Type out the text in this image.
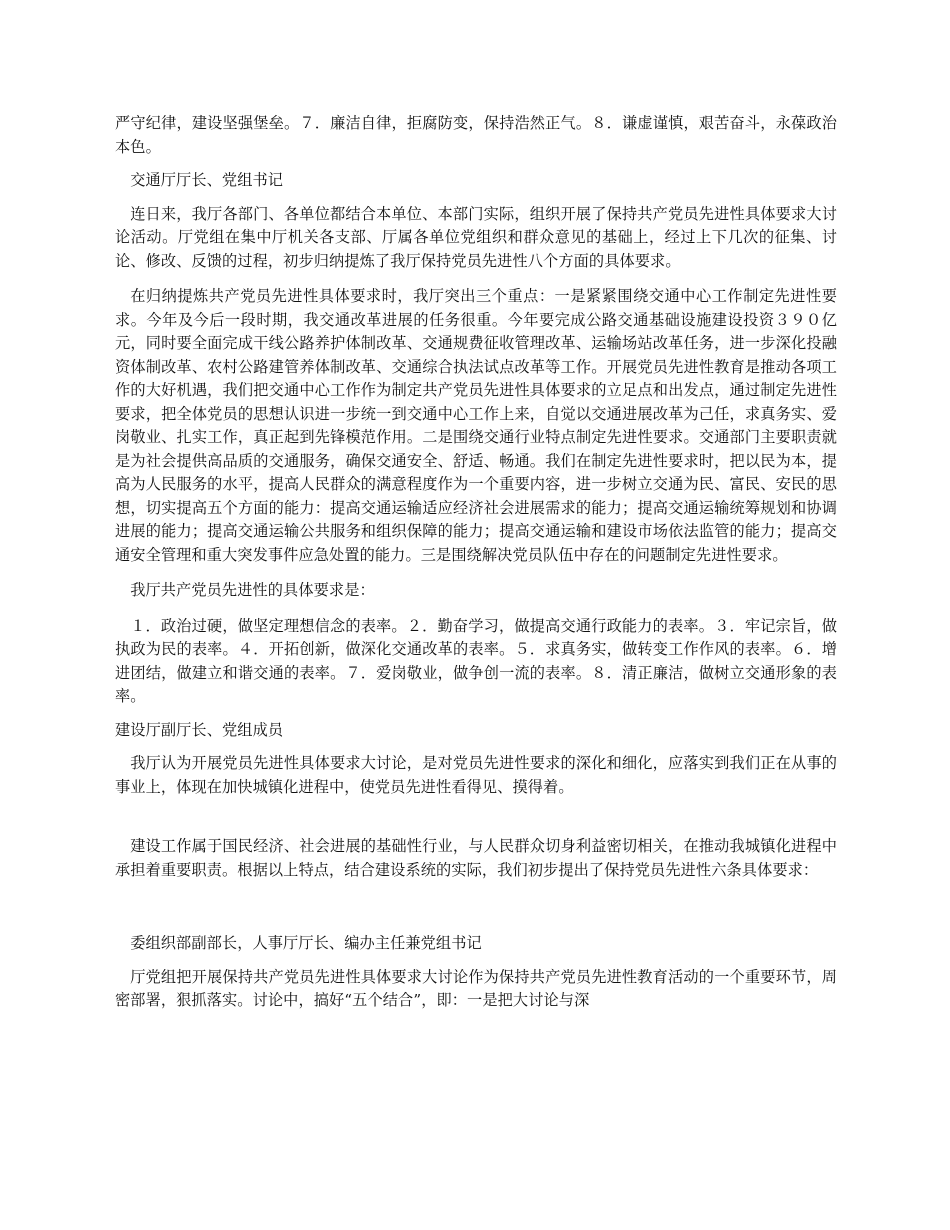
严守纪律，建设坚强堡垒。７．廉洁自律，拒腐防变，保持浩然正气。８．谦虚谨慎，艰苦奋斗，永葆政治本色。

交通厅厅长、党组书记

连日来，我厅各部门、各单位都结合本单位、本部门实际，组织开展了保持共产党员先进性具体要求大讨论活动。厅党组在集中厅机关各支部、厅属各单位党组织和群众意见的基础上，经过上下几次的征集、讨论、修改、反馈的过程，初步归纳提炼了我厅保持党员先进性八个方面的具体要求。

在归纳提炼共产党员先进性具体要求时，我厅突出三个重点：一是紧紧围绕交通中心工作制定先进性要求。今年及今后一段时期，我交通改革进展的任务很重。今年要完成公路交通基础设施建设投资３９０亿元，同时要全面完成干线公路养护体制改革、交通规费征收管理改革、运输场站改革任务，进一步深化投融资体制改革、农村公路建管养体制改革、交通综合执法试点改革等工作。开展党员先进性教育是推动各项工作的大好机遇，我们把交通中心工作作为制定共产党员先进性具体要求的立足点和出发点，通过制定先进性要求，把全体党员的思想认识进一步统一到交通中心工作上来，自觉以交通进展改革为己任，求真务实、爱岗敬业、扎实工作，真正起到先锋模范作用。二是围绕交通行业特点制定先进性要求。交通部门主要职责就是为社会提供高品质的交通服务，确保交通安全、舒适、畅通。我们在制定先进性要求时，把以民为本，提高为人民服务的水平，提高人民群众的满意程度作为一个重要内容，进一步树立交通为民、富民、安民的思想，切实提高五个方面的能力：提高交通运输适应经济社会进展需求的能力；提高交通运输统筹规划和协调进展的能力；提高交通运输公共服务和组织保障的能力；提高交通运输和建设市场依法监管的能力；提高交通安全管理和重大突发事件应急处置的能力。三是围绕解决党员队伍中存在的问题制定先进性要求。

我厅共产党员先进性的具体要求是：

１．政治过硬，做坚定理想信念的表率。２．勤奋学习，做提高交通行政能力的表率。３．牢记宗旨，做执政为民的表率。４．开拓创新，做深化交通改革的表率。５．求真务实，做转变工作作风的表率。６．增进团结，做建立和谐交通的表率。７．爱岗敬业，做争创一流的表率。８．清正廉洁，做树立交通形象的表率。

建设厅副厅长、党组成员

我厅认为开展党员先进性具体要求大讨论，是对党员先进性要求的深化和细化，应落实到我们正在从事的事业上，体现在加快城镇化进程中，使党员先进性看得见、摸得着。

建设工作属于国民经济、社会进展的基础性行业，与人民群众切身利益密切相关，在推动我城镇化进程中承担着重要职责。根据以上特点，结合建设系统的实际，我们初步提出了保持党员先进性六条具体要求：

委组织部副部长，人事厅厅长、编办主任兼党组书记

厅党组把开展保持共产党员先进性具体要求大讨论作为保持共产党员先进性教育活动的一个重要环节，周密部署，狠抓落实。讨论中，搞好“五个结合”，即：一是把大讨论与深
